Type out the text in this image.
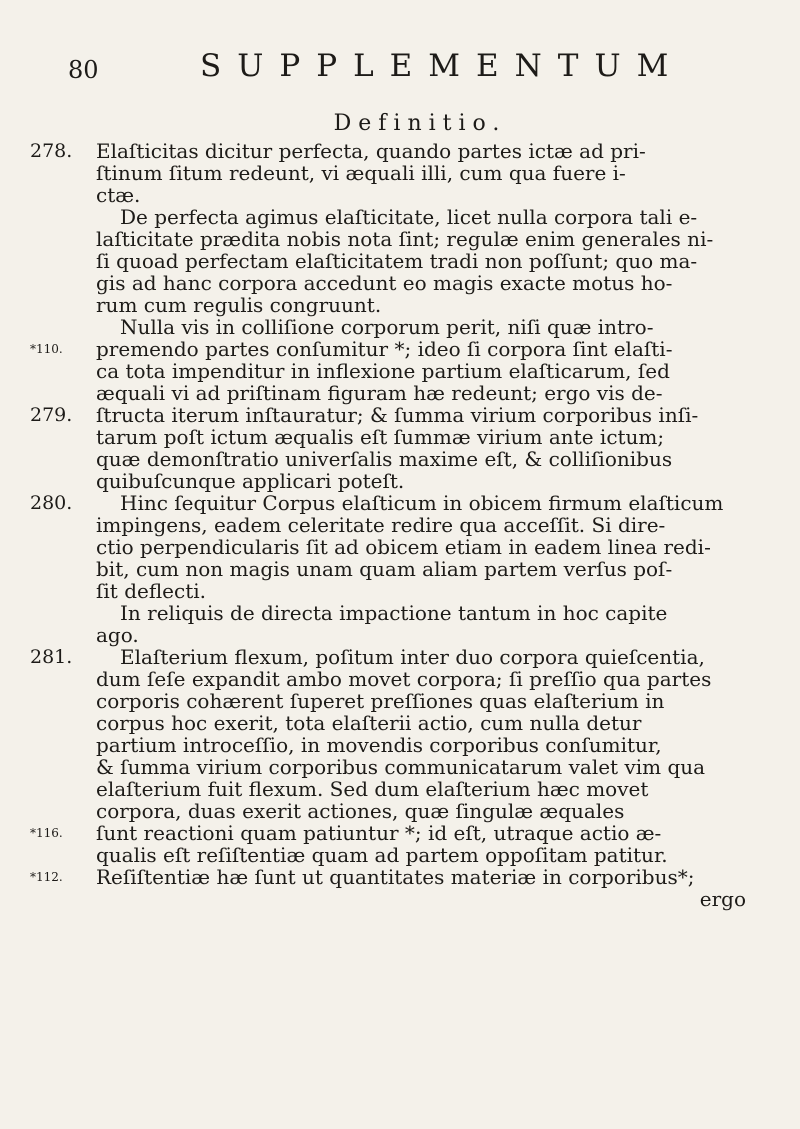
80	SUPPLEMENTUM
Definitio.
278. Elaſticitas dicitur perfecta, quando partes ictæ ad pri-
ſtinum ſitum redeunt, vi æquali illi, cum qua fuere i-
ctæ.
De perfecta agimus elaſticitate, licet nulla corpora tali e-
laſticitate prædita nobis nota ſint; regulæ enim generales ni-
ſi quoad perfectam elaſticitatem tradi non poſſunt; quo ma-
gis ad hanc corpora accedunt eo magis exacte motus ho-
rum cum regulis congruunt.
Nulla vis in colliſione corporum perit, niſi quæ intro-
*110. premendo partes conſumitur *; ideo ſi corpora ſint elaſti-
ca tota impenditur in inflexione partium elaſticarum, ſed
æquali vi ad priſtinam figuram hæ redeunt; ergo vis de-
279. ſtructa iterum inſtauratur; & ſumma virium corporibus inſi-
tarum poſt ictum æqualis eſt ſummæ virium ante ictum;
quæ demonſtratio univerſalis maxime eſt, & colliſionibus
quibuſcunque applicari poteſt.
280. Hinc ſequitur Corpus elaſticum in obicem firmum elaſticum
impingens, eadem celeritate redire qua acceſſit. Si dire-
ctio perpendicularis ſit ad obicem etiam in eadem linea redi-
bit, cum non magis unam quam aliam partem verſus poſ-
ſit deflecti.
In reliquis de directa impactione tantum in hoc capite
ago.
281. Elaſterium flexum, poſitum inter duo corpora quieſcentia,
dum ſeſe expandit ambo movet corpora; ſi preſſio qua partes
corporis cohærent ſuperet preſſiones quas elaſterium in
corpus hoc exerit, tota elaſterii actio, cum nulla detur
partium introceſſio, in movendis corporibus conſumitur,
& ſumma virium corporibus communicatarum valet vim qua
elaſterium fuit flexum. Sed dum elaſterium hæc movet
corpora, duas exerit actiones, quæ ſingulæ æquales
*116. ſunt reactioni quam patiuntur *; id eſt, utraque actio æ-
qualis eſt reſiſtentiæ quam ad partem oppoſitam patitur.
*112. Reſiſtentiæ hæ ſunt ut quantitates materiæ in corporibus*;
ergo
